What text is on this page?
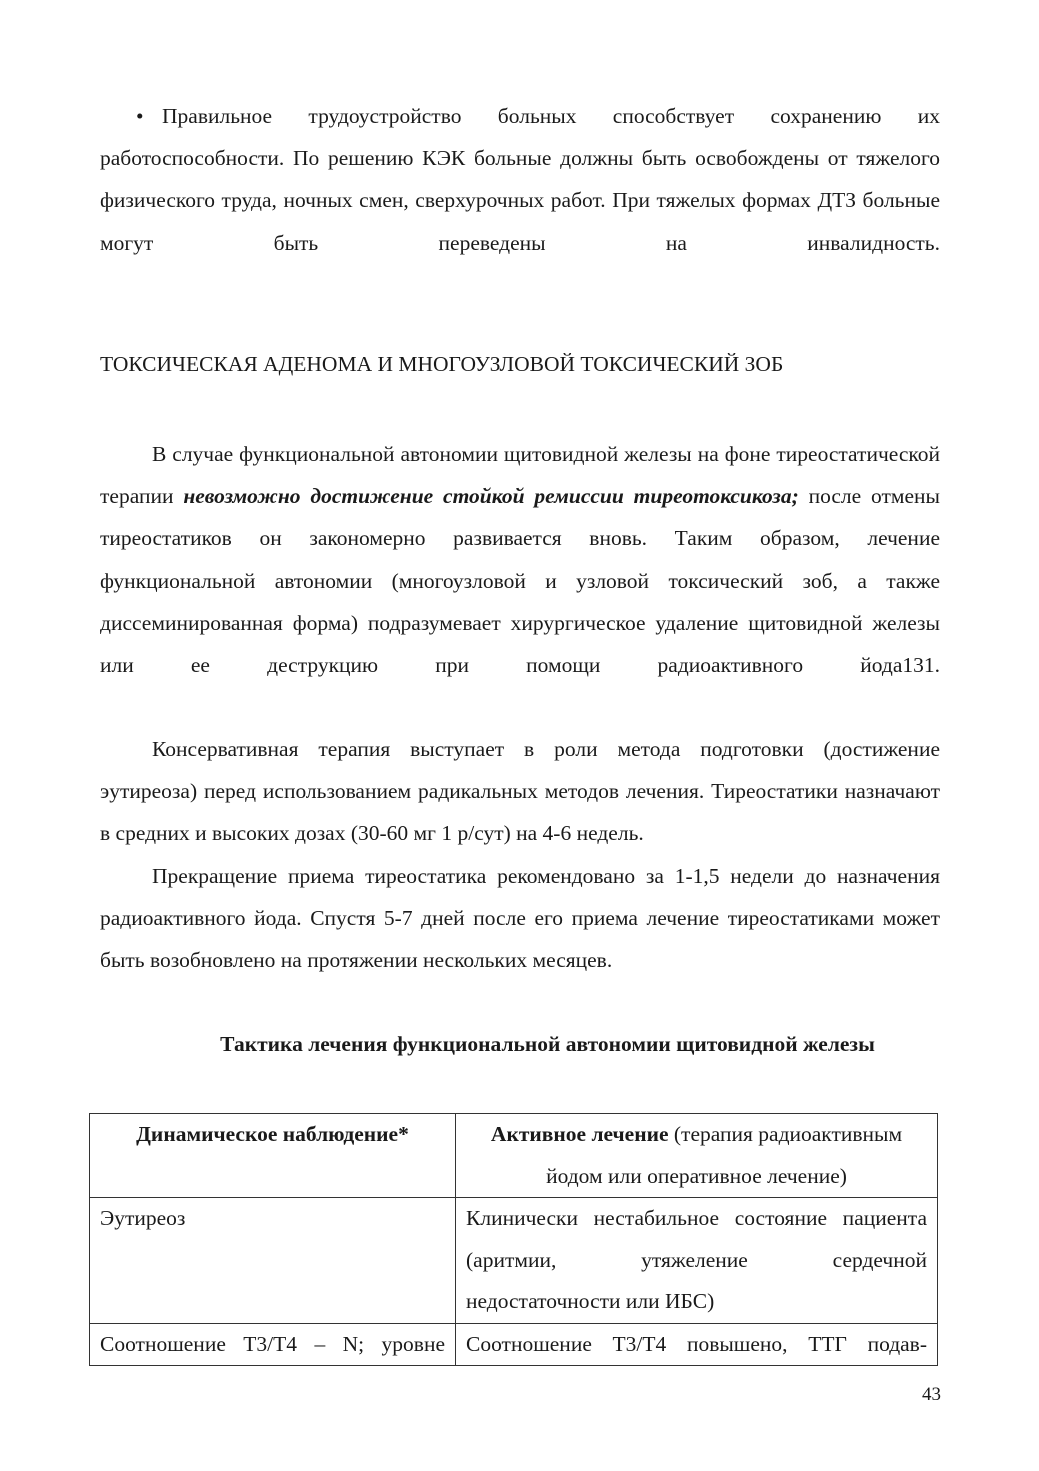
• Правильное трудоустройство больных способствует сохранению их работоспособности. По решению КЭК больные должны быть освобождены от тяжелого физического труда, ночных смен, сверхурочных работ. При тяжелых формах ДТЗ больные могут быть переведены на инвалидность.
ТОКСИЧЕСКАЯ АДЕНОМА И МНОГОУЗЛОВОЙ ТОКСИЧЕСКИЙ ЗОБ
В случае функциональной автономии щитовидной железы на фоне тиреостатической терапии невозможно достижение стойкой ремиссии тиреотоксикоза; после отмены тиреостатиков он закономерно развивается вновь. Таким образом, лечение функциональной автономии (многоузловой и узловой токсический зоб, а также диссеминированная форма) подразумевает хирургическое удаление щитовидной железы или ее деструкцию при помощи радиоактивного йода131.
Консервативная терапия выступает в роли метода подготовки (достижение эутиреоза) перед использованием радикальных методов лечения. Тиреостатики назначают в средних и высоких дозах (30-60 мг 1 р/сут) на 4-6 недель.
Прекращение приема тиреостатика рекомендовано за 1-1,5 недели до назначения радиоактивного йода. Спустя 5-7 дней после его приема лечение тиреостатиками может быть возобновлено на протяжении нескольких месяцев.
Тактика лечения функциональной автономии щитовидной железы
Динамическое наблюдение*	Активное лечение (терапия радиоактивным йодом или оперативное лечение)
Эутиреоз	Клинически нестабильное состояние пациента (аритмии, утяжеление сердечной недостаточности или ИБС)
Соотношение Т3/Т4 – N; уровне	Соотношение Т3/Т4 повышено, ТТГ подав-
43
